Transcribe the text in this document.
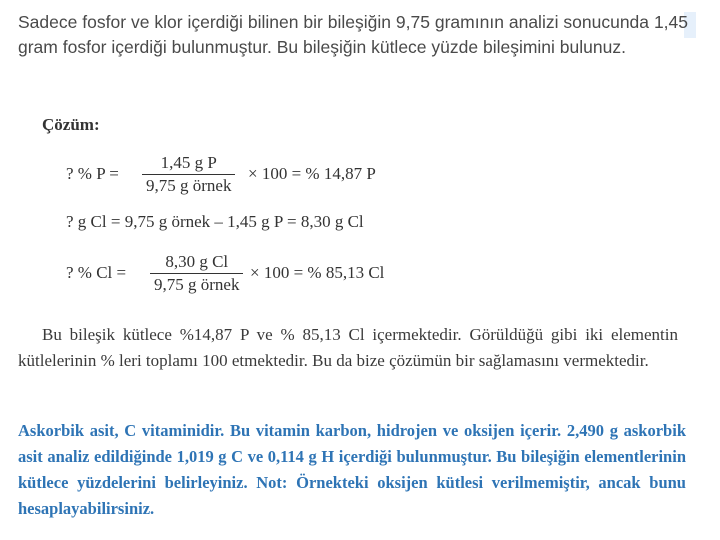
Sadece fosfor ve klor içerdiği bilinen bir bileşiğin 9,75 gramının analizi sonucunda 1,45 gram fosfor içerdiği bulunmuştur. Bu bileşiğin kütlece yüzde bileşimini bulunuz.
Çözüm:
? % P =
1,45 g P
9,75 g örnek
× 100 = % 14,87 P
? g Cl = 9,75 g örnek – 1,45 g P = 8,30 g Cl
? % Cl =
8,30 g Cl
9,75 g örnek
× 100 = % 85,13 Cl
Bu bileşik kütlece %14,87 P ve % 85,13 Cl içermektedir. Görüldüğü gibi iki elementin kütlelerinin % leri toplamı 100 etmektedir. Bu da bize çözümün bir sağlamasını vermektedir.
Askorbik asit, C vitaminidir. Bu vitamin karbon, hidrojen ve oksijen içerir. 2,490 g askorbik asit analiz edildiğinde 1,019 g C ve 0,114 g H içerdiği bulunmuştur. Bu bileşiğin elementlerinin kütlece yüzdelerini belirleyiniz. Not: Örnekteki oksijen kütlesi verilmemiştir, ancak bunu hesaplayabilirsiniz.
